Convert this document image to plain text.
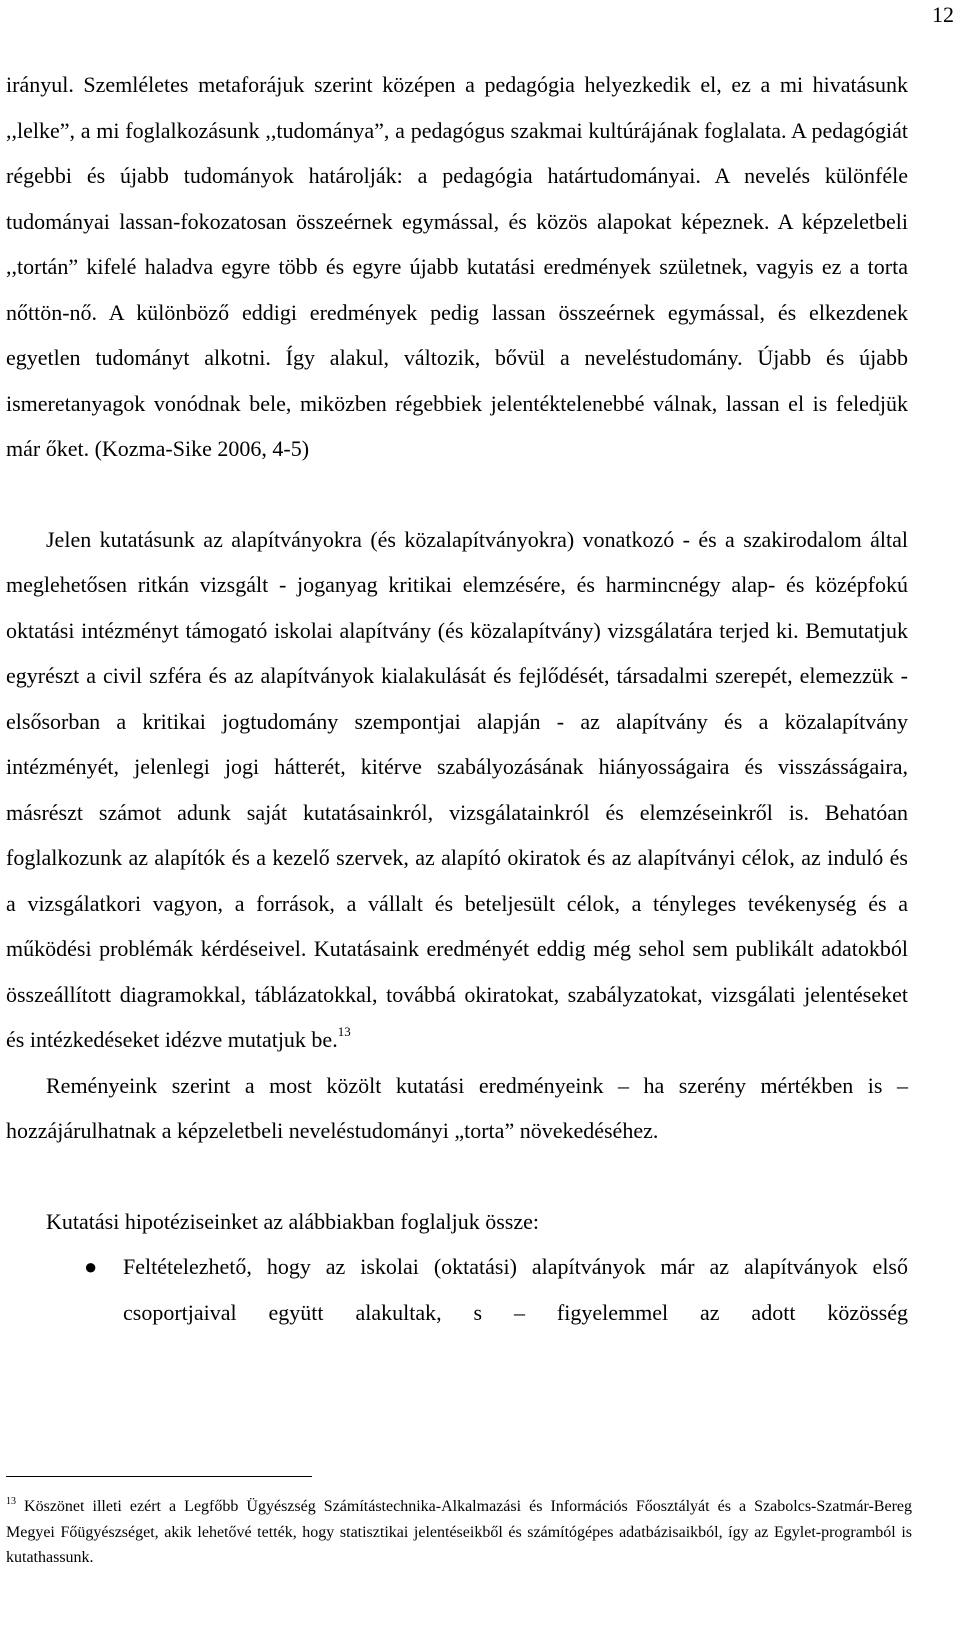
12

irányul. Szemléletes metaforájuk szerint középen a pedagógia helyezkedik el, ez a mi hivatásunk ,,lelke”, a mi foglalkozásunk ,,tudománya”, a pedagógus szakmai kultúrájának foglalata. A pedagógiát régebbi és újabb tudományok határolják: a pedagógia határtudományai. A nevelés különféle tudományai lassan-fokozatosan összeérnek egymással, és közös alapokat képeznek. A képzeletbeli ,,tortán” kifelé haladva egyre több és egyre újabb kutatási eredmények születnek, vagyis ez a torta nőttön-nő. A különböző eddigi eredmények pedig lassan összeérnek egymással, és elkezdenek egyetlen tudományt alkotni. Így alakul, változik, bővül a neveléstudomány. Újabb és újabb ismeretanyagok vonódnak bele, miközben régebbiek jelentéktelenebbé válnak, lassan el is feledjük már őket. (Kozma-Sike 2006, 4-5)

Jelen kutatásunk az alapítványokra (és közalapítványokra) vonatkozó - és a szakirodalom által meglehetősen ritkán vizsgált - joganyag kritikai elemzésére, és harmincnégy alap- és középfokú oktatási intézményt támogató iskolai alapítvány (és közalapítvány) vizsgálatára terjed ki. Bemutatjuk egyrészt a civil szféra és az alapítványok kialakulását és fejlődését, társadalmi szerepét, elemezzük - elsősorban a kritikai jogtudomány szempontjai alapján - az alapítvány és a közalapítvány intézményét, jelenlegi jogi hátterét, kitérve szabályozásának hiányosságaira és visszásságaira, másrészt számot adunk saját kutatásainkról, vizsgálatainkról és elemzéseinkről is. Behatóan foglalkozunk az alapítók és a kezelő szervek, az alapító okiratok és az alapítványi célok, az induló és a vizsgálatkori vagyon, a források, a vállalt és beteljesült célok, a tényleges tevékenység és a működési problémák kérdéseivel. Kutatásaink eredményét eddig még sehol sem publikált adatokból összeállított diagramokkal, táblázatokkal, továbbá okiratokat, szabályzatokat, vizsgálati jelentéseket és intézkedéseket idézve mutatjuk be.$^{13}$

Reményeink szerint a most közölt kutatási eredményeink – ha szerény mértékben is – hozzájárulhatnak a képzeletbeli neveléstudományi „torta” növekedéséhez.

Kutatási hipotéziseinket az alábbiakban foglaljuk össze:

● Feltételezhető, hogy az iskolai (oktatási) alapítványok már az alapítványok első csoportjaival együtt alakultak, s – figyelemmel az adott közösség

$^{13}$ Köszönet illeti ezért a Legfőbb Ügyészség Számítástechnika-Alkalmazási és Információs Főosztályát és a Szabolcs-Szatmár-Bereg Megyei Főügyészséget, akik lehetővé tették, hogy statisztikai jelentéseikből és számítógépes adatbázisaikból, így az Egylet-programból is kutathassunk.
